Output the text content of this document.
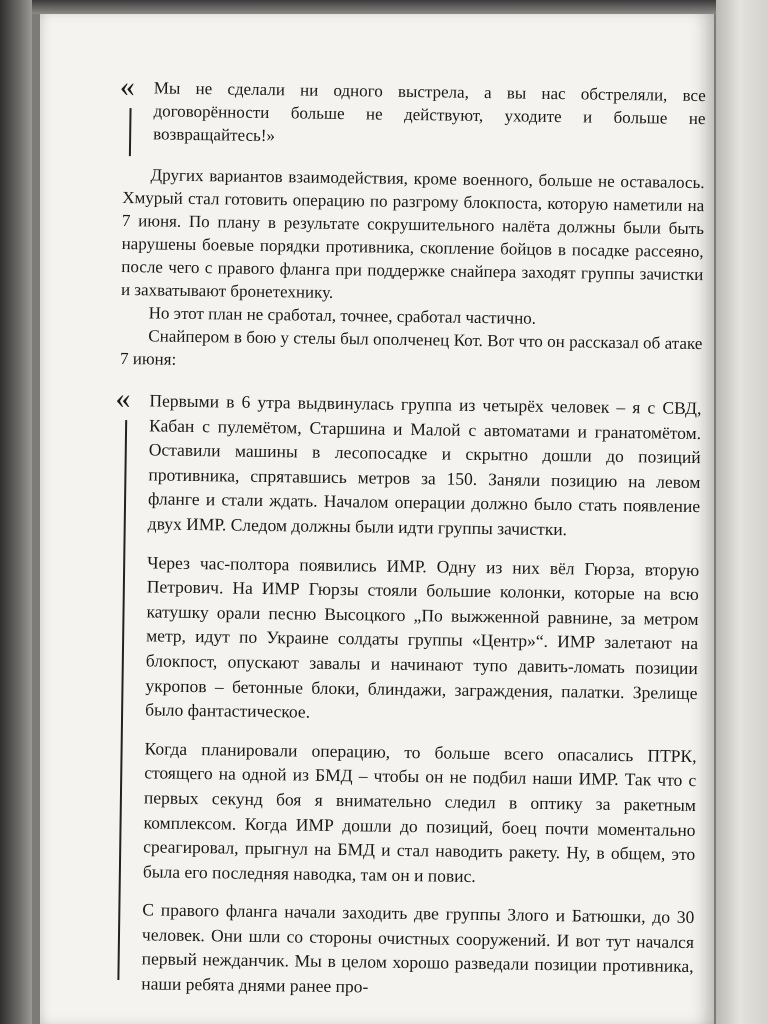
« Мы не сделали ни одного выстрела, а вы нас обстреляли, все договорённости больше не действуют, уходите и больше не возвращайтесь!»

Других вариантов взаимодействия, кроме военного, больше не оставалось. Хмурый стал готовить операцию по разгрому блокпоста, которую наметили на 7 июня. По плану в результате сокрушительного налёта должны были быть нарушены боевые порядки противника, скопление бойцов в посадке рассеяно, после чего с правого фланга при поддержке снайпера заходят группы зачистки и захватывают бронетехнику.

Но этот план не сработал, точнее, сработал частично.

Снайпером в бою у стелы был ополченец Кот. Вот что он рассказал об атаке 7 июня:

« Первыми в 6 утра выдвинулась группа из четырёх человек – я с СВД, Кабан с пулемётом, Старшина и Малой с автоматами и гранатомётом. Оставили машины в лесопосадке и скрытно дошли до позиций противника, спрятавшись метров за 150. Заняли позицию на левом фланге и стали ждать. Началом операции должно было стать появление двух ИМР. Следом должны были идти группы зачистки.

Через час-полтора появились ИМР. Одну из них вёл Гюрза, вторую Петрович. На ИМР Гюрзы стояли большие колонки, которые на всю катушку орали песню Высоцкого „По выжженной равнине, за метром метр, идут по Украине солдаты группы «Центр»“. ИМР залетают на блокпост, опускают завалы и начинают тупо давить-ломать позиции укропов – бетонные блоки, блиндажи, заграждения, палатки. Зрелище было фантастическое.

Когда планировали операцию, то больше всего опасались ПТРК, стоящего на одной из БМД – чтобы он не подбил наши ИМР. Так что с первых секунд боя я внимательно следил в оптику за ракетным комплексом. Когда ИМР дошли до позиций, боец почти моментально среагировал, прыгнул на БМД и стал наводить ракету. Ну, в общем, это была его последняя наводка, там он и повис.

С правого фланга начали заходить две группы Злого и Батюшки, до 30 человек. Они шли со стороны очистных сооружений. И вот тут начался первый нежданчик. Мы в целом хорошо разведали позиции противника, наши ребята днями ранее про-
